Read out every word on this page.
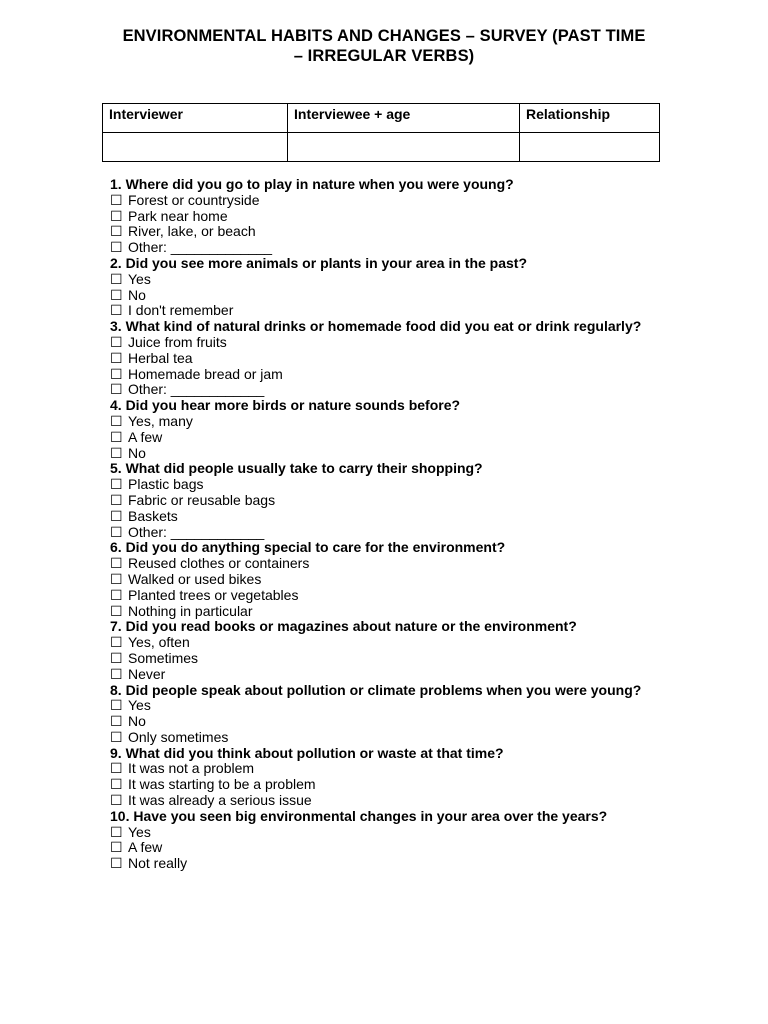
ENVIRONMENTAL HABITS AND CHANGES – SURVEY (PAST TIME
– IRREGULAR VERBS)
Interviewer	Interviewee + age	Relationship

1. Where did you go to play in nature when you were young?
☐ Forest or countryside
☐ Park near home
☐ River, lake, or beach
☐ Other: _____________
2. Did you see more animals or plants in your area in the past?
☐ Yes
☐ No
☐ I don't remember
3. What kind of natural drinks or homemade food did you eat or drink regularly?
☐ Juice from fruits
☐ Herbal tea
☐ Homemade bread or jam
☐ Other: ____________
4. Did you hear more birds or nature sounds before?
☐ Yes, many
☐ A few
☐ No
5. What did people usually take to carry their shopping?
☐ Plastic bags
☐ Fabric or reusable bags
☐ Baskets
☐ Other: ____________
6. Did you do anything special to care for the environment?
☐ Reused clothes or containers
☐ Walked or used bikes
☐ Planted trees or vegetables
☐ Nothing in particular
7. Did you read books or magazines about nature or the environment?
☐ Yes, often
☐ Sometimes
☐ Never
8. Did people speak about pollution or climate problems when you were young?
☐ Yes
☐ No
☐ Only sometimes
9. What did you think about pollution or waste at that time?
☐ It was not a problem
☐ It was starting to be a problem
☐ It was already a serious issue
10. Have you seen big environmental changes in your area over the years?
☐ Yes
☐ A few
☐ Not really
